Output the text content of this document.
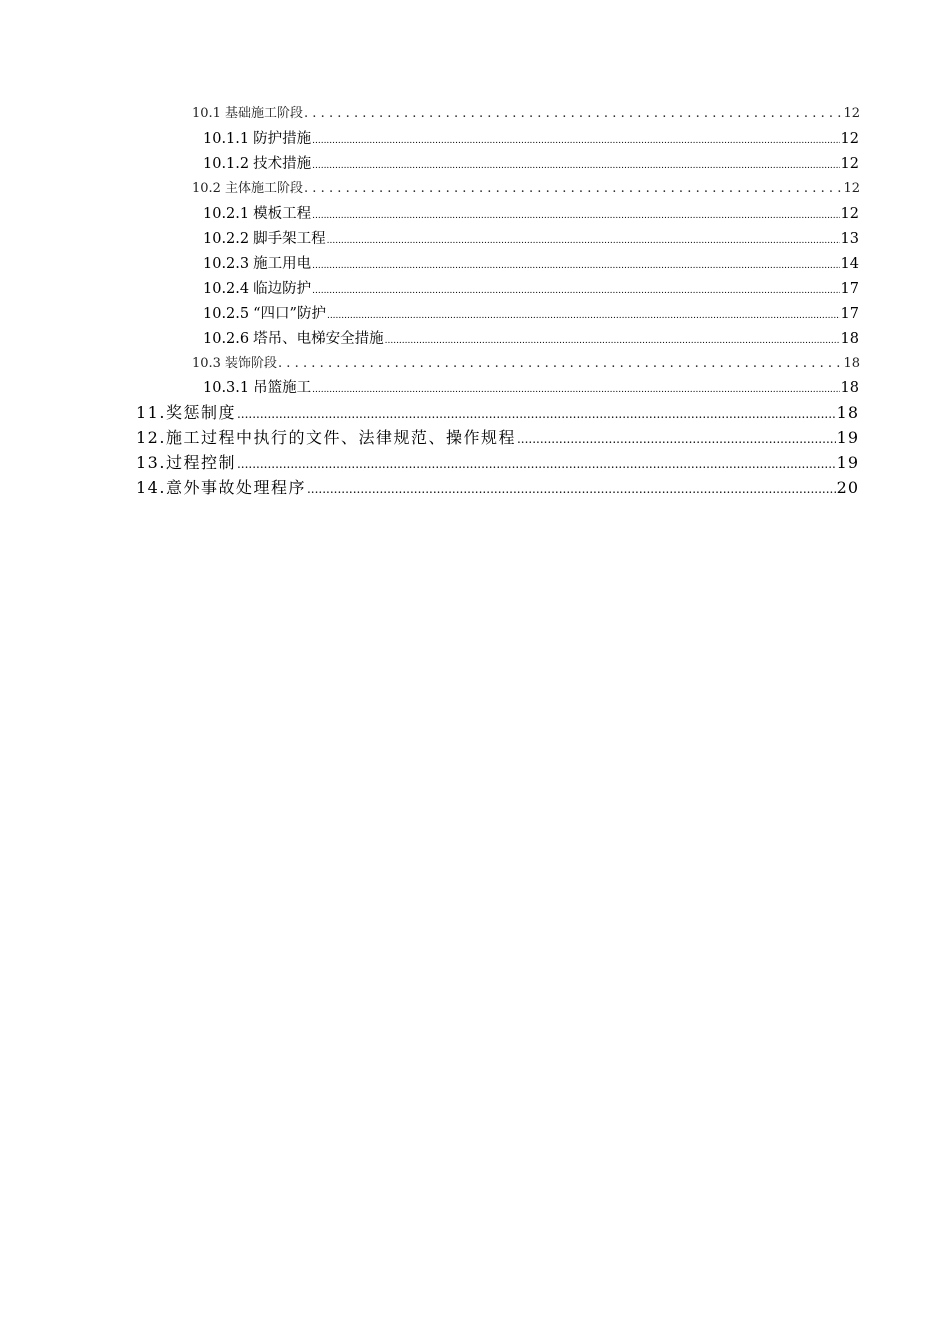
10.1 基础施工阶段 .....	12
10.1.1 防护措施 .....	12
10.1.2 技术措施 .....	12
10.2 主体施工阶段 .....	12
10.2.1 模板工程 .....	12
10.2.2 脚手架工程 .....	13
10.2.3 施工用电 .....	14
10.2.4 临边防护 .....	17
10.2.5 “四口”防护 .....	17
10.2.6 塔吊、电梯安全措施 .....	18
10.3 装饰阶段 .....	18
10.3.1 吊篮施工 .....	18
11. 奖惩制度 .....	18
12. 施工过程中执行的文件、法律规范、操作规程 .....	19
13. 过程控制 .....	19
14. 意外事故处理程序 .....	20
